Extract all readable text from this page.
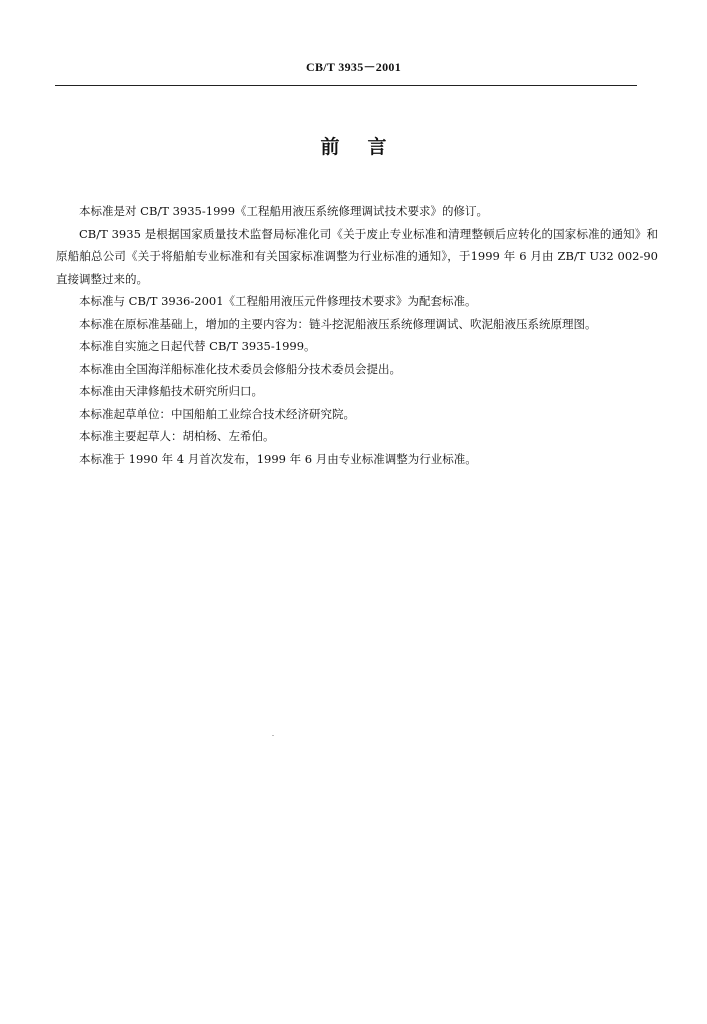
CB/T 3935－2001
前言

本标准是对 CB/T 3935-1999《工程船用液压系统修理调试技术要求》的修订。

CB/T 3935 是根据国家质量技术监督局标准化司《关于废止专业标准和清理整顿后应转化的国家标准的通知》和原船舶总公司《关于将船舶专业标准和有关国家标准调整为行业标准的通知》，于1999 年 6 月由 ZB/T U32 002-90 直接调整过来的。

本标准与 CB/T 3936-2001《工程船用液压元件修理技术要求》为配套标准。

本标准在原标准基础上，增加的主要内容为：链斗挖泥船液压系统修理调试、吹泥船液压系统原理图。

本标准自实施之日起代替 CB/T 3935-1999。

本标准由全国海洋船标准化技术委员会修船分技术委员会提出。

本标准由天津修船技术研究所归口。

本标准起草单位：中国船舶工业综合技术经济研究院。

本标准主要起草人：胡柏杨、左希伯。

本标准于 1990 年 4 月首次发布，1999 年 6 月由专业标准调整为行业标准。
